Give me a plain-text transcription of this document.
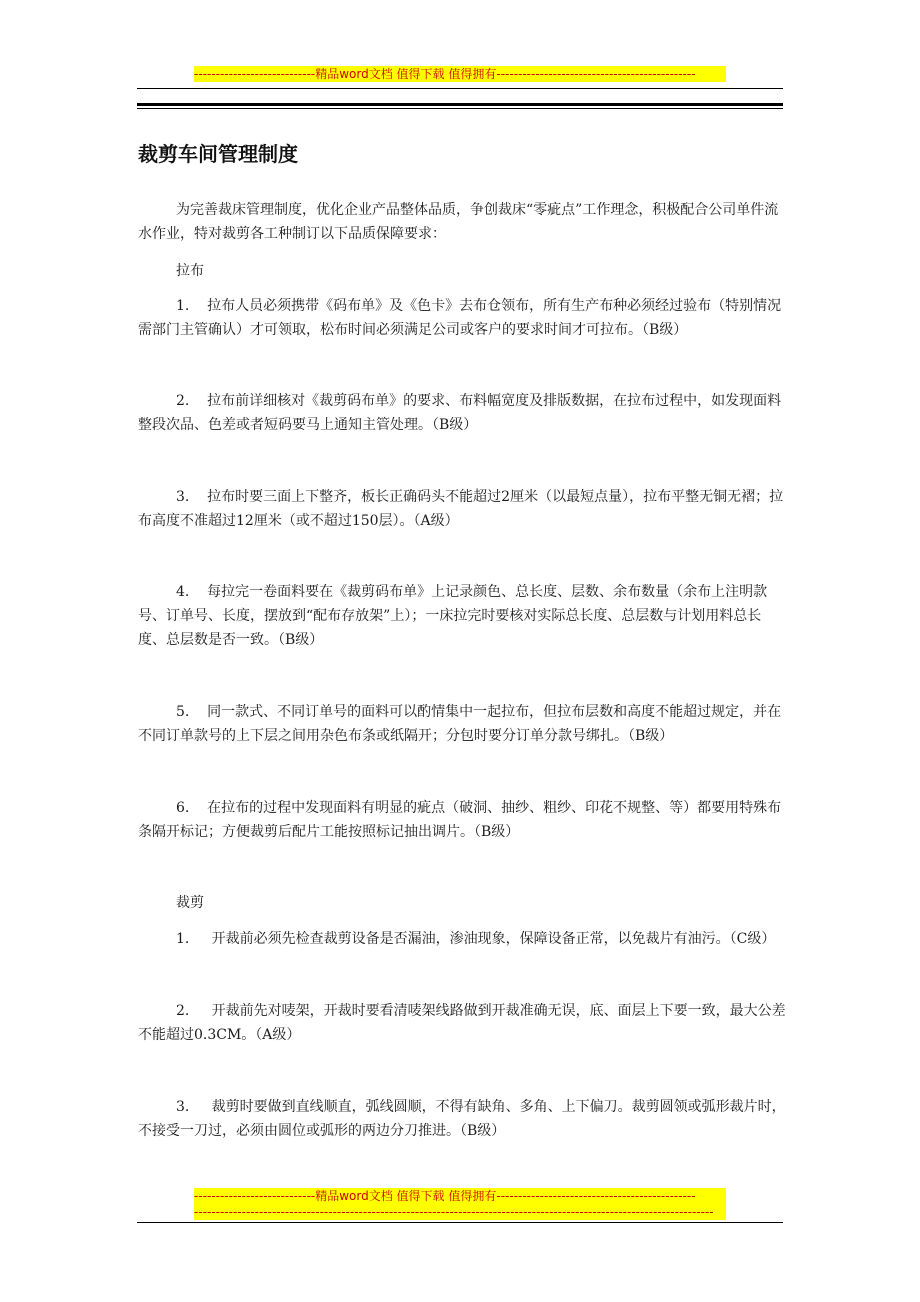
----------------------------精品word文档 值得下载 值得拥有----------------------------------------------
裁剪车间管理制度
为完善裁床管理制度，优化企业产品整体品质，争创裁床“零疵点”工作理念，积极配合公司单件流水作业，特对裁剪各工种制订以下品质保障要求：
拉布
1.    拉布人员必须携带《码布单》及《色卡》去布仓领布，所有生产布种必须经过验布（特别情况需部门主管确认）才可领取，松布时间必须满足公司或客户的要求时间才可拉布。（B级）
2.    拉布前详细核对《裁剪码布单》的要求、布料幅宽度及排版数据，在拉布过程中，如发现面料整段次品、色差或者短码要马上通知主管处理。（B级）
3.    拉布时要三面上下整齐，板长正确码头不能超过2厘米（以最短点量），拉布平整无铜无褶；拉布高度不准超过12厘米（或不超过150层）。（A级）
4.    每拉完一卷面料要在《裁剪码布单》上记录颜色、总长度、层数、余布数量（余布上注明款号、订单号、长度，摆放到“配布存放架”上）；一床拉完时要核对实际总长度、总层数与计划用料总长度、总层数是否一致。（B级）
5.    同一款式、不同订单号的面料可以酌情集中一起拉布，但拉布层数和高度不能超过规定，并在不同订单款号的上下层之间用杂色布条或纸隔开；分包时要分订单分款号绑扎。（B级）
6.    在拉布的过程中发现面料有明显的疵点（破洞、抽纱、粗纱、印花不规整、等）都要用特殊布条隔开标记；方便裁剪后配片工能按照标记抽出调片。（B级）
裁剪
1.     开裁前必须先检查裁剪设备是否漏油，渗油现象，保障设备正常，以免裁片有油污。（C级）
2.     开裁前先对唛架，开裁时要看清唛架线路做到开裁准确无误，底、面层上下要一致，最大公差不能超过0.3CM。（A级）
3.     裁剪时要做到直线顺直，弧线圆顺，不得有缺角、多角、上下偏刀。裁剪圆领或弧形裁片时，不接受一刀过，必须由圆位或弧形的两边分刀推进。（B级）
----------------------------精品word文档 值得下载 值得拥有----------------------------------------------
------------------------------------------------------------------------------------------------------------------------
